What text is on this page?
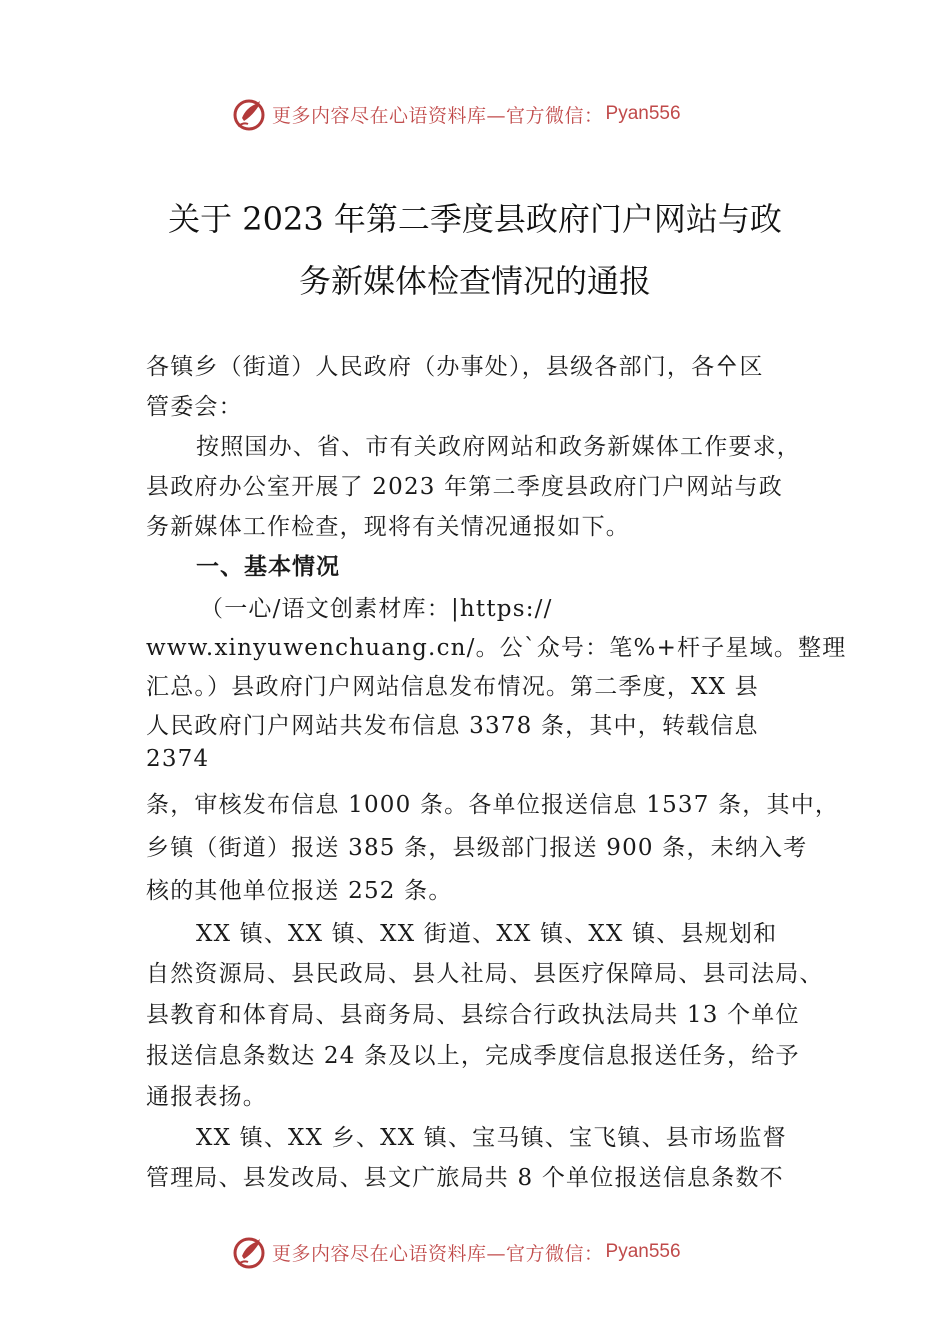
更多内容尽在心语资料库—官方微信： Pyan556
关于 2023 年第二季度县政府门户网站与政
务新媒体检查情况的通报
各镇乡（街道）人民政府（办事处），县级各部门，各㐃区
管委会：
按照国办、省、市有关政府网站和政务新媒体工作要求，
县政府办公室开展了 2023 年第二季度县政府门户网站与政
务新媒体工作检查，现将有关情况通报如下。
一、基本情况
（一心/语文创素材库：|https://
www.xinyuwenchuang.cn/。公`众号：笔%+杆子星域。整理
汇总。）县政府门户网站信息发布情况。第二季度，XX 县
人民政府门户网站共发布信息 3378 条，其中，转载信息
2374
条，审核发布信息 1000 条。各单位报送信息 1537 条，其中，
乡镇（街道）报送 385 条，县级部门报送 900 条，未纳入考
核的其他单位报送 252 条。
XX 镇、XX 镇、XX 街道、XX 镇、XX 镇、县规划和
自然资源局、县民政局、县人社局、县医疗保障局、县司法局、
县教育和体育局、县商务局、县综合行政执法局共 13 个单位
报送信息条数达 24 条及以上，完成季度信息报送任务，给予
通报表扬。
XX 镇、XX 乡、XX 镇、宝马镇、宝飞镇、县市场监督
管理局、县发改局、县文广旅局共 8 个单位报送信息条数不
更多内容尽在心语资料库—官方微信： Pyan556
